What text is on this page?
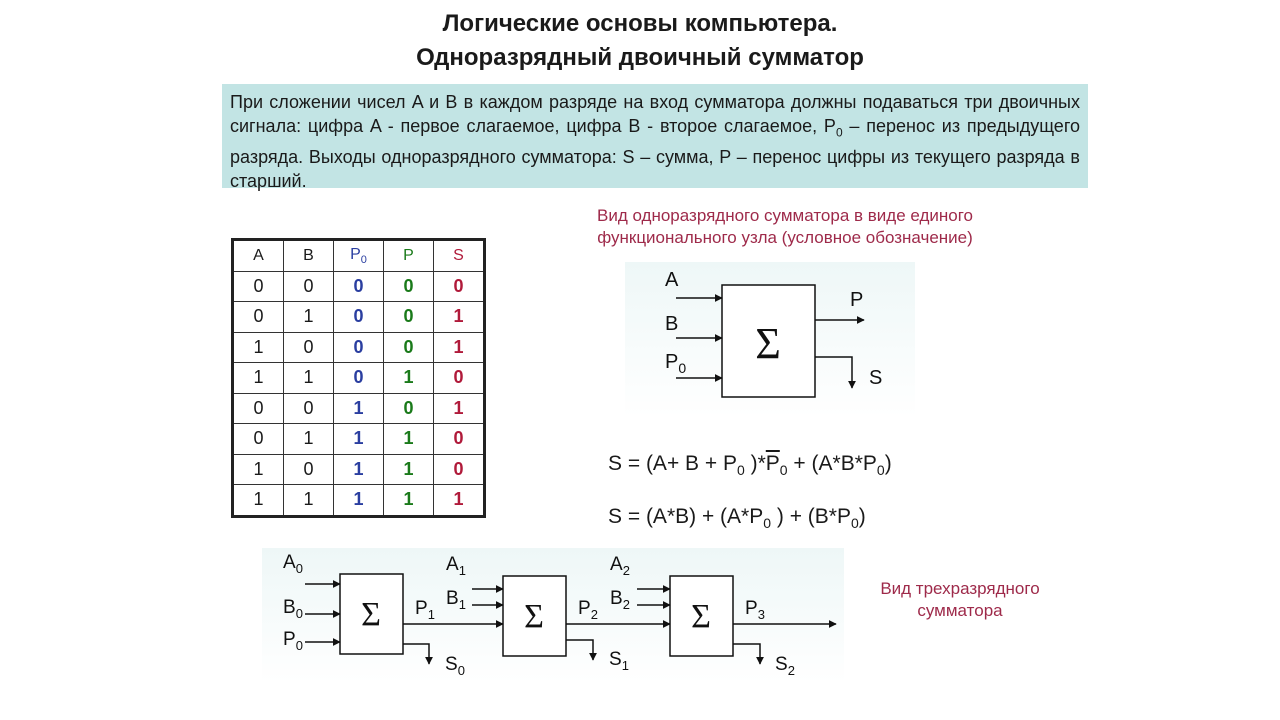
Логические основы компьютера.
Одноразрядный двоичный сумматор
При сложении чисел A и B в каждом разряде на вход сумматора должны подаваться три двоичных сигнала: цифра A - первое слагаемое, цифра B - второе слагаемое, $P_0$ – перенос из предыдущего разряда. Выходы одноразрядного сумматора: S – сумма, P – перенос цифры из текущего разряда в старший.
Вид одноразрядного сумматора в виде единого
функционального узла (условное обозначение)
Вид трехразрядного
сумматора
A	B	$P_0$	P	S
0	0	0	0	0
0	1	0	0	1
1	0	0	0	1
1	1	0	1	0
0	0	1	0	1
0	1	1	1	0
1	0	1	1	0
1	1	1	1	1
$S = (A+ B + P_0$ )$*\overline{P}_0 + (A*B*P_0)$
$S = (A*B) + (A*P_0$ ) + $(B*P_0)$
Σ
A
B
$P_0$
P
S
Σ
$A_0$
$B_0$
$P_0$
$S_0$
$P_1$	Σ
$A_1$
$B_1$
$S_1$
$P_2$	Σ
$A_2$
$B_2$
$S_2$
$P_3$
